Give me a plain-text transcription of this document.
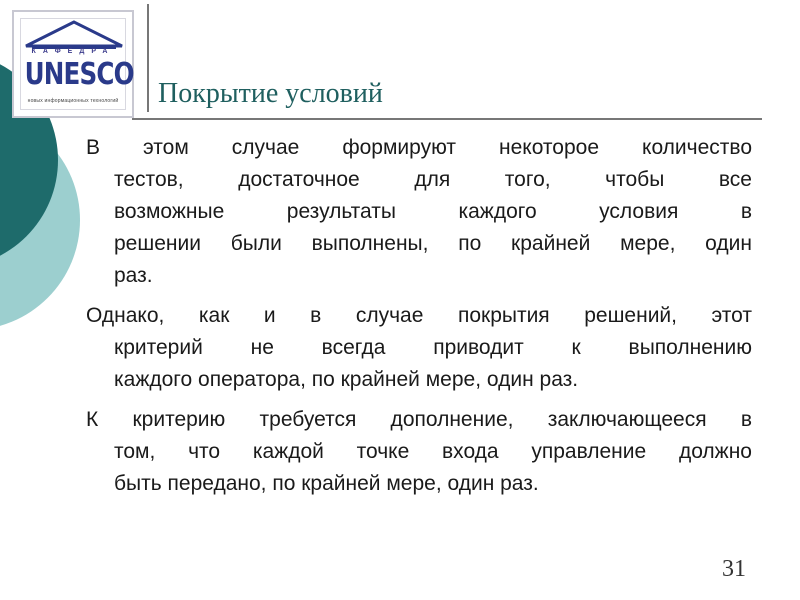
КАФЕДРА
UNESCO
новых информационных технологий	Покрытие условий
В этом случае формируют некоторое количество
тестов, достаточное для того, чтобы все
возможные результаты каждого условия в
решении были выполнены, по крайней мере, один
раз.
Однако, как и в случае покрытия решений, этот
критерий не всегда приводит к выполнению
каждого оператора, по крайней мере, один раз.
К критерию требуется дополнение, заключающееся в
том, что каждой точке входа управление должно
быть передано, по крайней мере, один раз.
31
